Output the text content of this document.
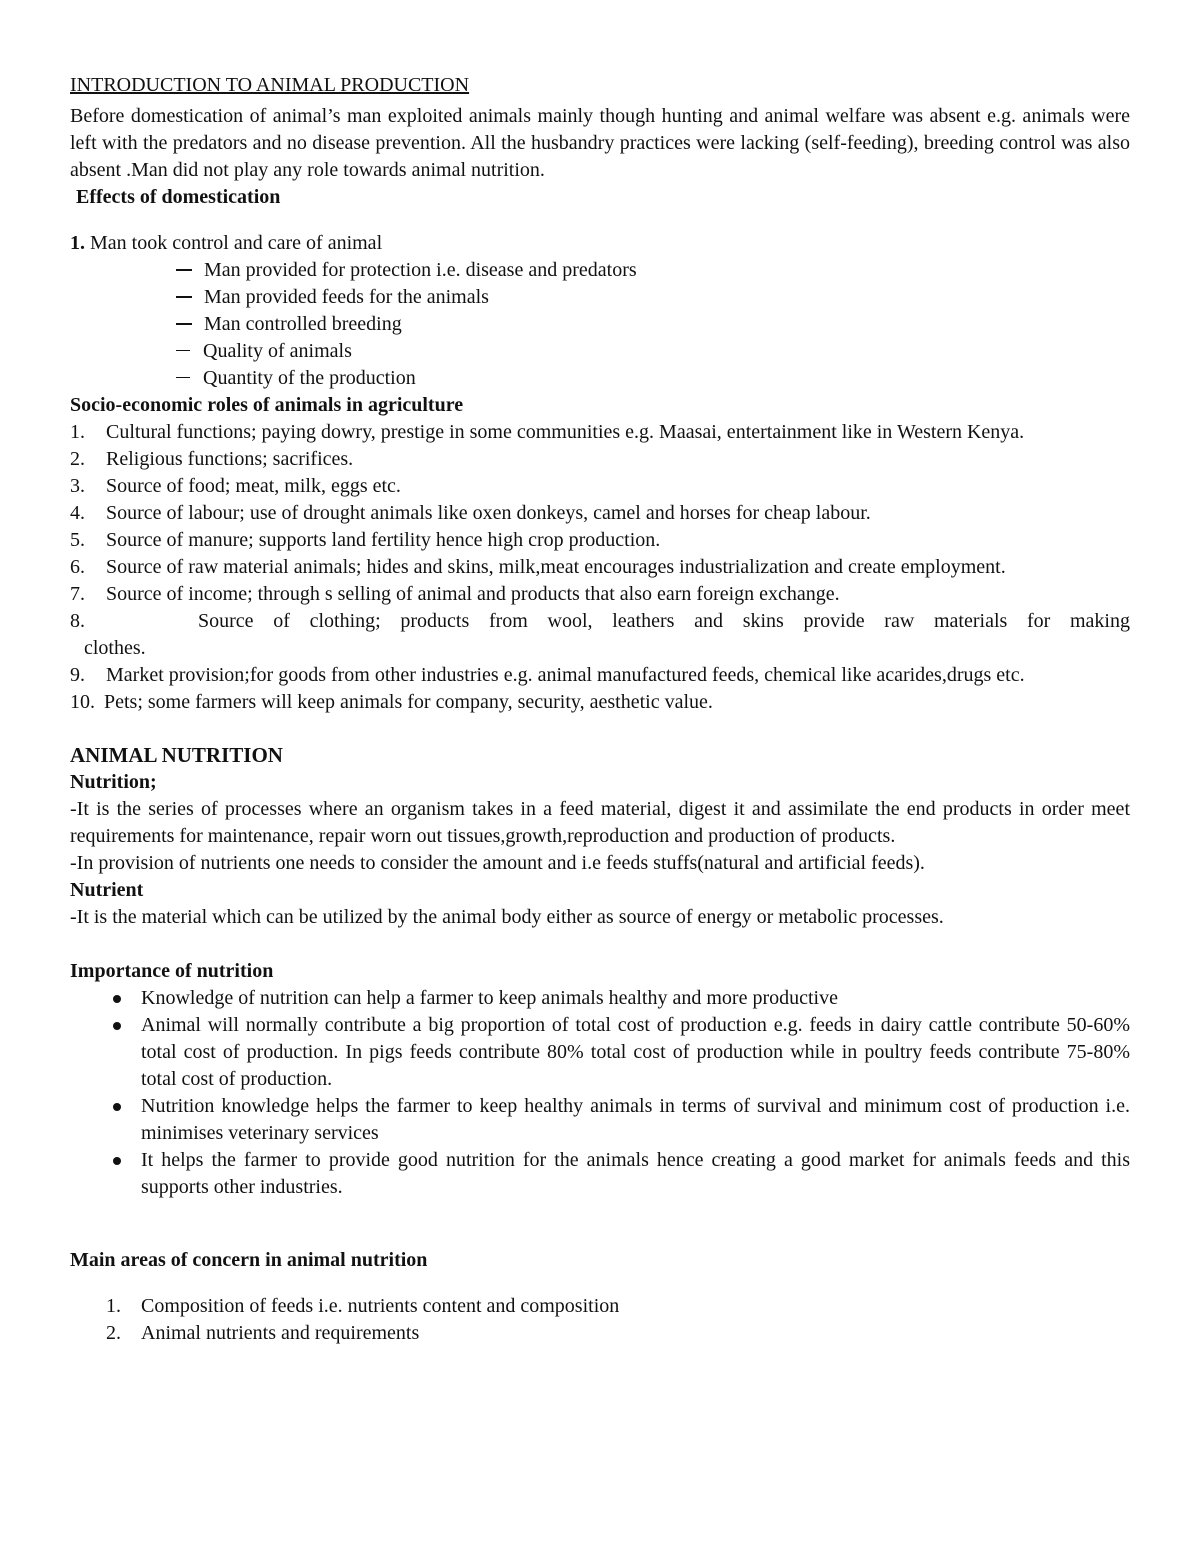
INTRODUCTION TO ANIMAL PRODUCTION

Before domestication of animal’s man exploited animals mainly though hunting and animal welfare was absent e.g. animals were left with the predators and no disease prevention. All the husbandry practices were lacking (self-feeding), breeding control was also absent .Man did not play any role towards animal nutrition.

Effects of domestication

1. Man took control and care of animal

Man provided for protection i.e. disease and predators
Man provided feeds for the animals
Man controlled breeding
Quality of animals
Quantity of the production

Socio-economic roles of animals in agriculture

1. Cultural functions; paying dowry, prestige in some communities e.g. Maasai, entertainment like in Western Kenya.
2. Religious functions; sacrifices.
3. Source of food; meat, milk, eggs etc.
4. Source of labour; use of drought animals like oxen donkeys, camel and horses for cheap labour.
5. Source of manure; supports land fertility hence high crop production.
6. Source of raw material animals; hides and skins, milk,meat encourages industrialization and create employment.
7. Source of income; through s selling of animal and products that also earn foreign exchange.
8.	Source of clothing; products from wool, leathers and skins provide raw materials for making
clothes.
9. Market provision;for goods from other industries e.g. animal manufactured feeds, chemical like acarides,drugs etc.
10. Pets; some farmers will keep animals for company, security, aesthetic value.

ANIMAL NUTRITION

Nutrition;

-It is the series of processes where an organism takes in a feed material, digest it and assimilate the end products in order meet requirements for maintenance, repair worn out tissues,growth,reproduction and production of products.

-In provision of nutrients one needs to consider the amount and i.e feeds stuffs(natural and artificial feeds).

Nutrient

-It is the material which can be utilized by the animal body either as source of energy or metabolic processes.

Importance of nutrition

Knowledge of nutrition can help a farmer to keep animals healthy and more productive
Animal will normally contribute a big proportion of total cost of production e.g. feeds in dairy cattle contribute 50-60% total cost of production. In pigs feeds contribute 80% total cost of production while in poultry feeds contribute 75-80% total cost of production.
Nutrition knowledge helps the farmer to keep healthy animals in terms of survival and minimum cost of production i.e. minimises veterinary services
It helps the farmer to provide good nutrition for the animals hence creating a good market for animals feeds and this supports other industries.

Main areas of concern in animal nutrition

1. Composition of feeds i.e. nutrients content and composition
2. Animal nutrients and requirements
